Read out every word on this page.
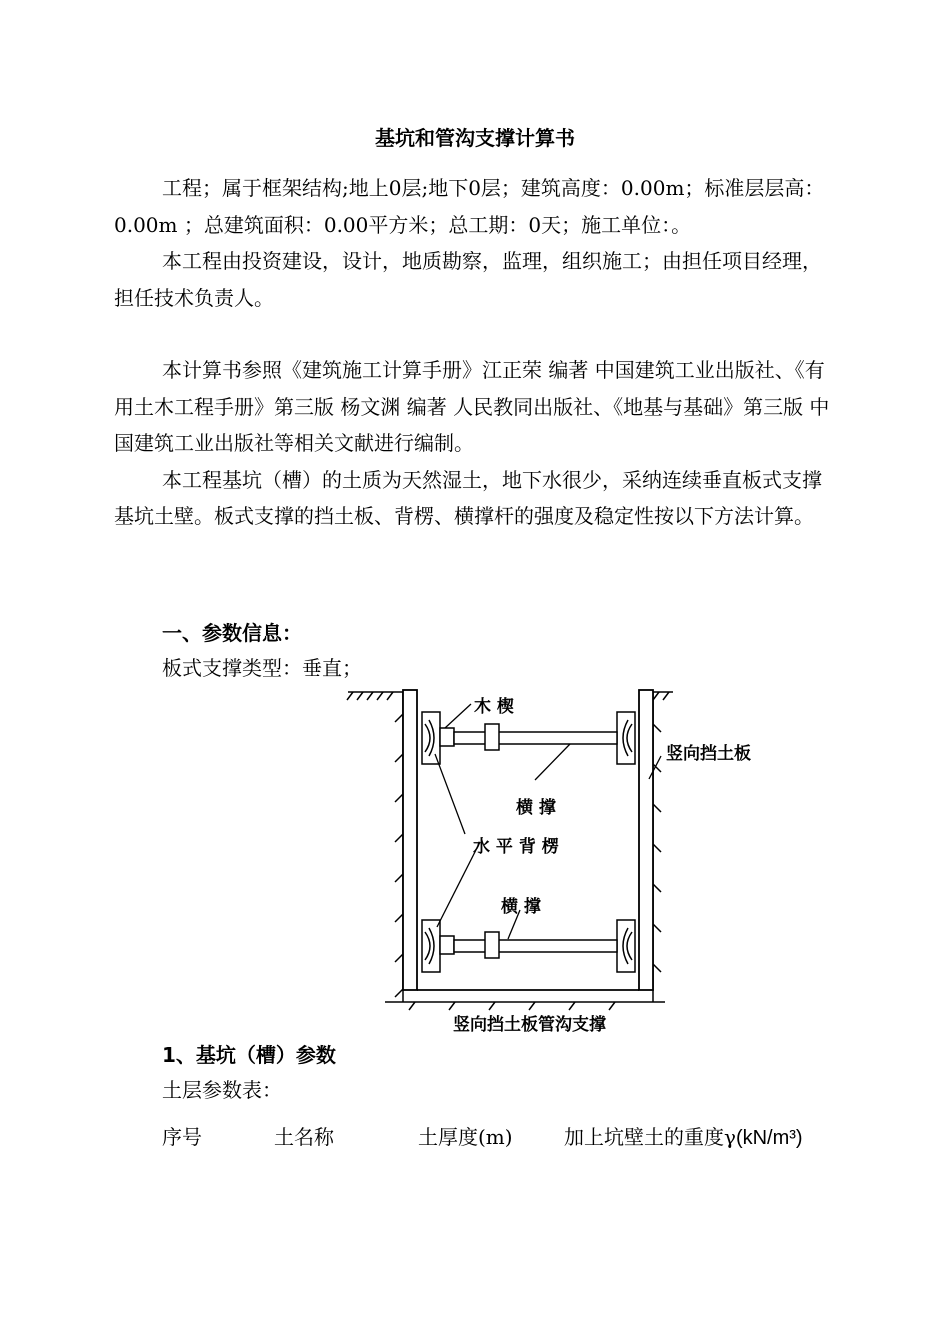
基坑和管沟支撑计算书

工程；属于框架结构;地上0层;地下0层；建筑高度：0.00m；标准层层高：0.00m ；总建筑面积：0.00平方米；总工期：0天；施工单位：。

本工程由投资建设，设计，地质勘察，监理，组织施工；由担任项目经理，担任技术负责人。

本计算书参照《建筑施工计算手册》江正荣 编著 中国建筑工业出版社、《有用土木工程手册》第三版 杨文渊 编著 人民教同出版社、《地基与基础》第三版 中国建筑工业出版社等相关文献进行编制。

本工程基坑（槽）的土质为天然湿土，地下水很少，采纳连续垂直板式支撑基坑土壁。板式支撑的挡土板、背楞、横撑杆的强度及稳定性按以下方法计算。

一、参数信息：
板式支撑类型：垂直；
木 楔
竖向挡土板
横 撑
水 平 背 楞
横 撑
竖向挡土板管沟支撑
1、基坑（槽）参数
土层参数表：
序号	土名称	土厚度(m)	加上坑壁土的重度γ(kN/m³)
